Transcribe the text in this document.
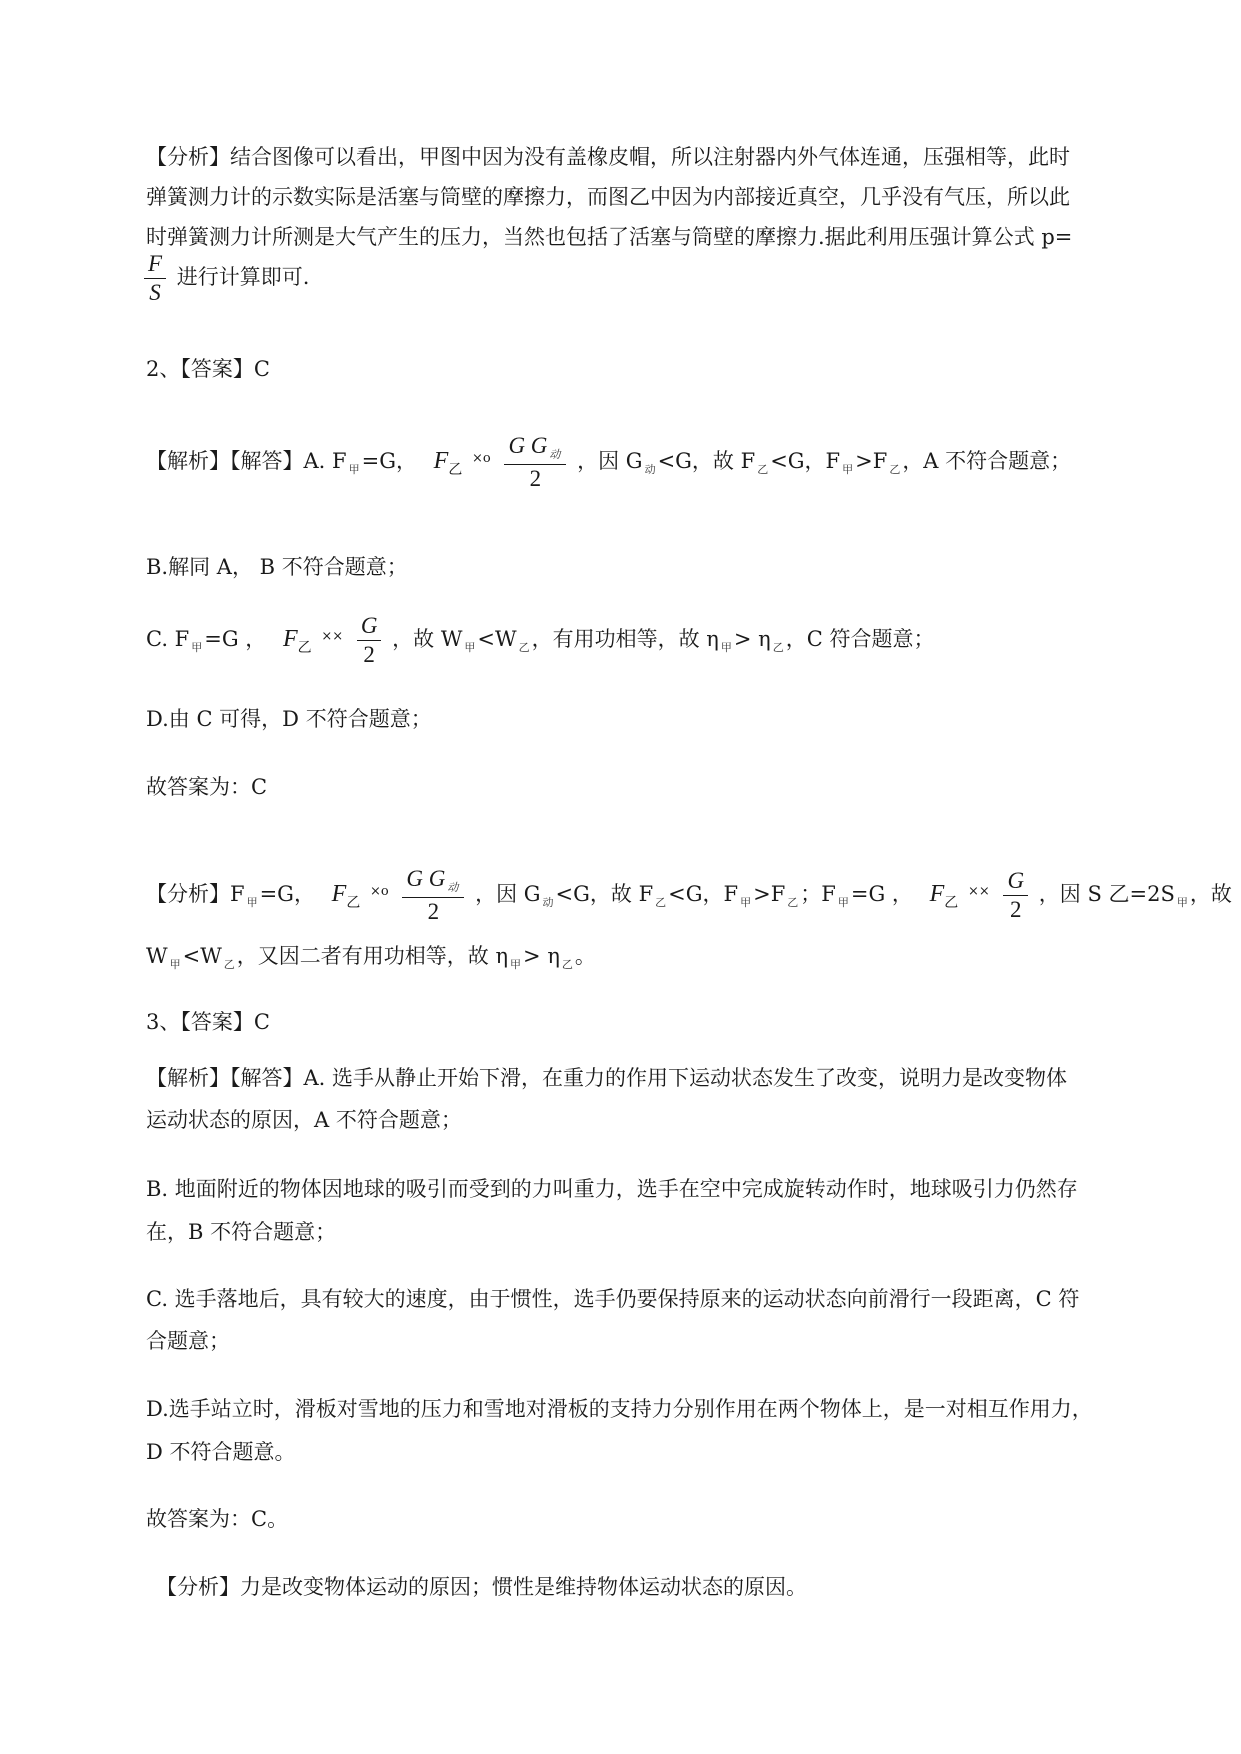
【分析】结合图像可以看出，甲图中因为没有盖橡皮帽，所以注射器内外气体连通，压强相等，此时
弹簧测力计的示数实际是活塞与筒壁的摩擦力，而图乙中因为内部接近真空，几乎没有气压，所以此
时弹簧测力计所测是大气产生的压力，当然也包括了活塞与筒壁的摩擦力.据此利用压强计算公式 p=
$\frac{F}{S}$ 进行计算即可.
2、【答案】C
【解析】【解答】A. F $_甲$=G， $F_乙$ $^{\times o} \frac{G G _动}{2}$ ，因 G $_动$<G，故 F $_乙$<G，F $_甲$>F $_乙$，A 不符合题意；
B.解同 A， B 不符合题意；
C. F $_甲$=G ， $F_乙$ $^{\times\times} \frac{G}{2}$ ，故 W $_甲$<W $_乙$，有用功相等，故 η $_甲$> η $_乙$，C 符合题意；
D.由 C 可得，D 不符合题意；
故答案为：C
【分析】F $_甲$=G， $F_乙$ $^{\times o} \frac{G G _动}{2}$ ，因 G $_动$<G，故 F $_乙$<G，F $_甲$>F $_乙$；F $_甲$=G ， $F_乙$ $^{\times\times} \frac{G}{2}$ ，因 S 乙=2S $_甲$，故
W $_甲$<W $_乙$，又因二者有用功相等，故 η $_甲$> η $_乙$。
3、【答案】C
【解析】【解答】A. 选手从静止开始下滑，在重力的作用下运动状态发生了改变，说明力是改变物体
运动状态的原因，A 不符合题意；
B. 地面附近的物体因地球的吸引而受到的力叫重力，选手在空中完成旋转动作时，地球吸引力仍然存
在，B 不符合题意；
C. 选手落地后，具有较大的速度，由于惯性，选手仍要保持原来的运动状态向前滑行一段距离，C 符
合题意；
D.选手站立时，滑板对雪地的压力和雪地对滑板的支持力分别作用在两个物体上，是一对相互作用力，
D 不符合题意。
故答案为：C。
【分析】力是改变物体运动的原因；惯性是维持物体运动状态的原因。
